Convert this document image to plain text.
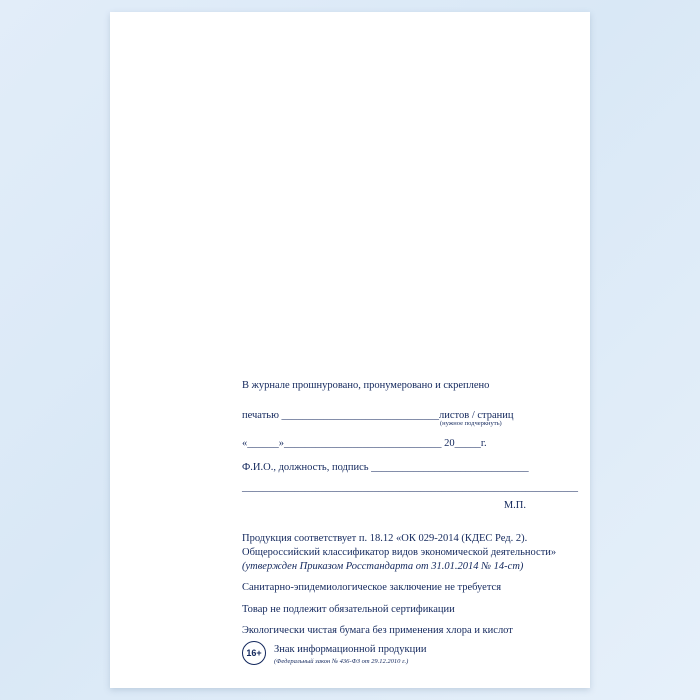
В журнале прошнуровано, пронумеровано и скреплено
печатью ______________________________листов / страниц
(нужное подчеркнуть)
«______»______________________________ 20_____г.
Ф.И.О., должность, подпись ______________________________
________________________________________________________________
М.П.
Продукция соответствует п. 18.12 «ОК 029-2014 (КДЕС Ред. 2).
Общероссийский классификатор видов экономической деятельности»
(утвержден Приказом Росстандарта от 31.01.2014 № 14-ст)
Санитарно-эпидемиологическое заключение не требуется
Товар не подлежит обязательной сертификации
Экологически чистая бумага без применения хлора и кислот
16+	Знак информационной продукции
(Федеральный закон № 436-ФЗ от 29.12.2010 г.)
